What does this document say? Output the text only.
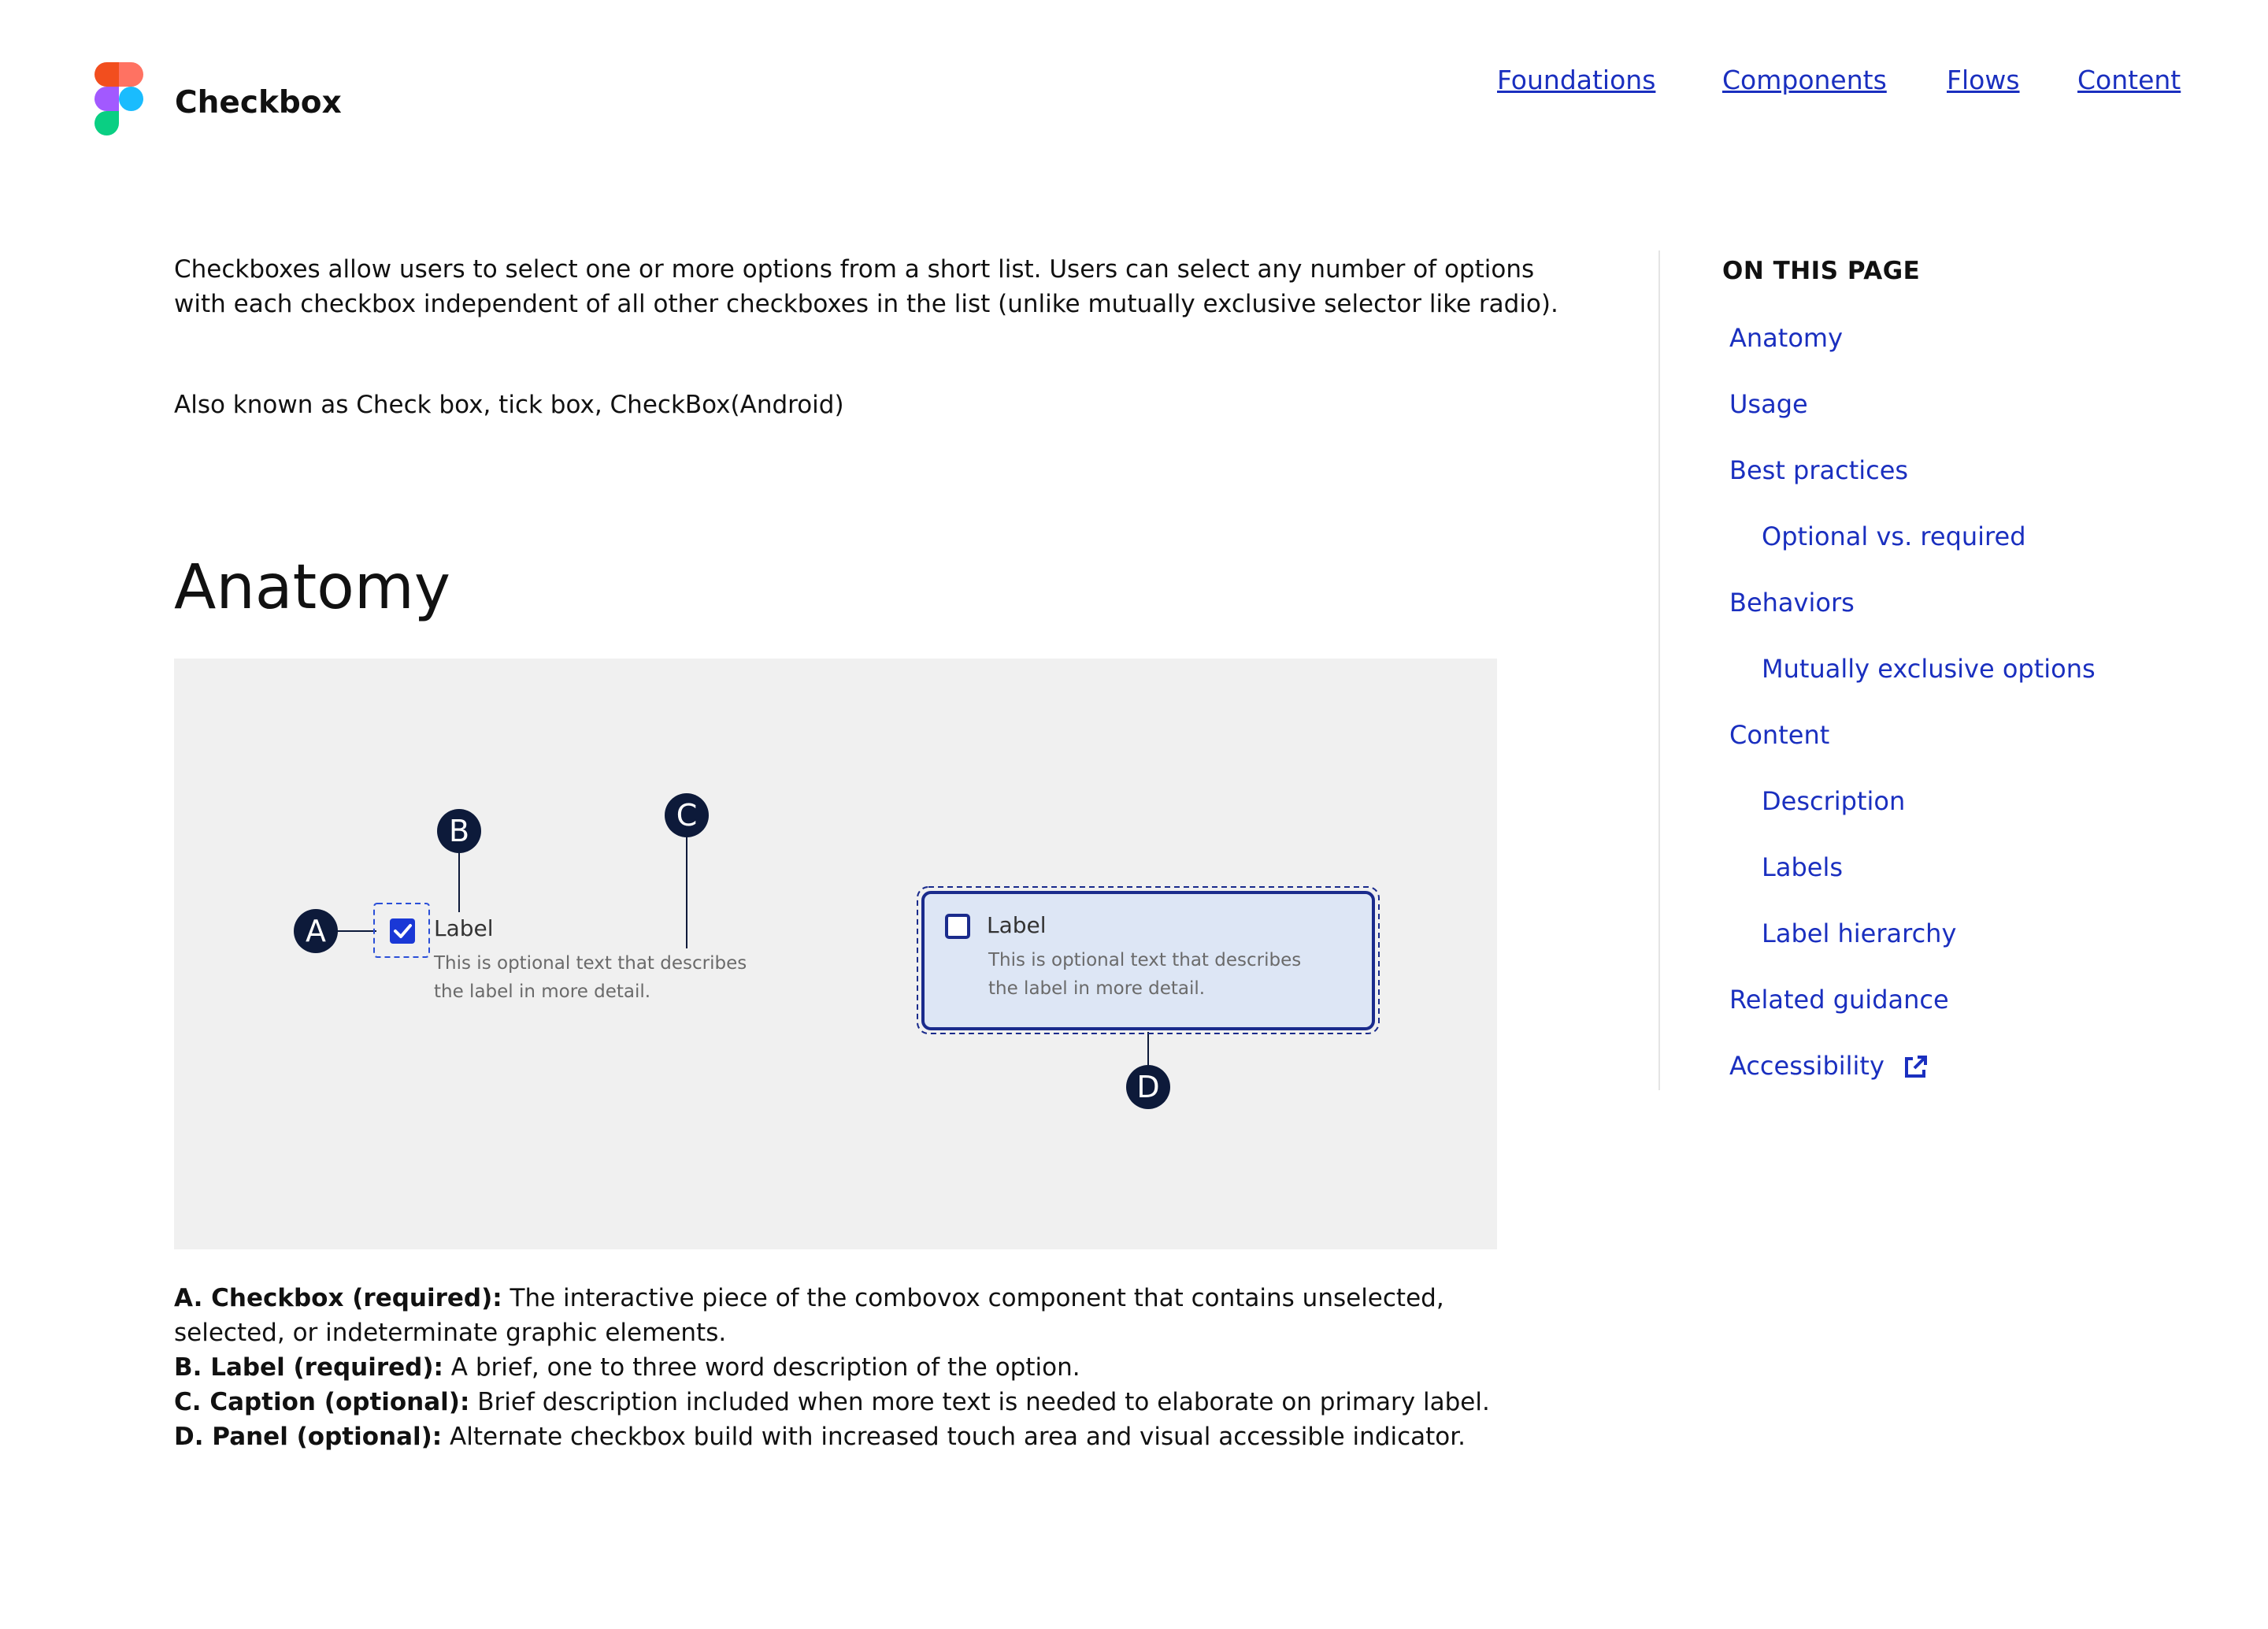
Checkbox
Foundations	Components Flows Content

Checkboxes allow users to select one or more options from a short list. Users can select any number of options

with each checkbox independent of all other checkboxes in the list (unlike mutually exclusive selector like radio).

Also known as Check box, tick box, CheckBox(Android)

Anatomy
A
B	C
D
Label
This is optional text that describes
the label in more detail.
Label
This is optional text that describes
the label in more detail.

A. Checkbox (required): The interactive piece of the combovox component that contains unselected,

selected, or indeterminate graphic elements.

B. Label (required): A brief, one to three word description of the option.

C. Caption (optional): Brief description included when more text is needed to elaborate on primary label.

D. Panel (optional): Alternate checkbox build with increased touch area and visual accessible indicator.

ON THIS PAGE
Anatomy
Usage
Best practices
Optional vs. required
Behaviors
Mutually exclusive options
Content
Description
Labels
Label hierarchy
Related guidance
Accessibility
